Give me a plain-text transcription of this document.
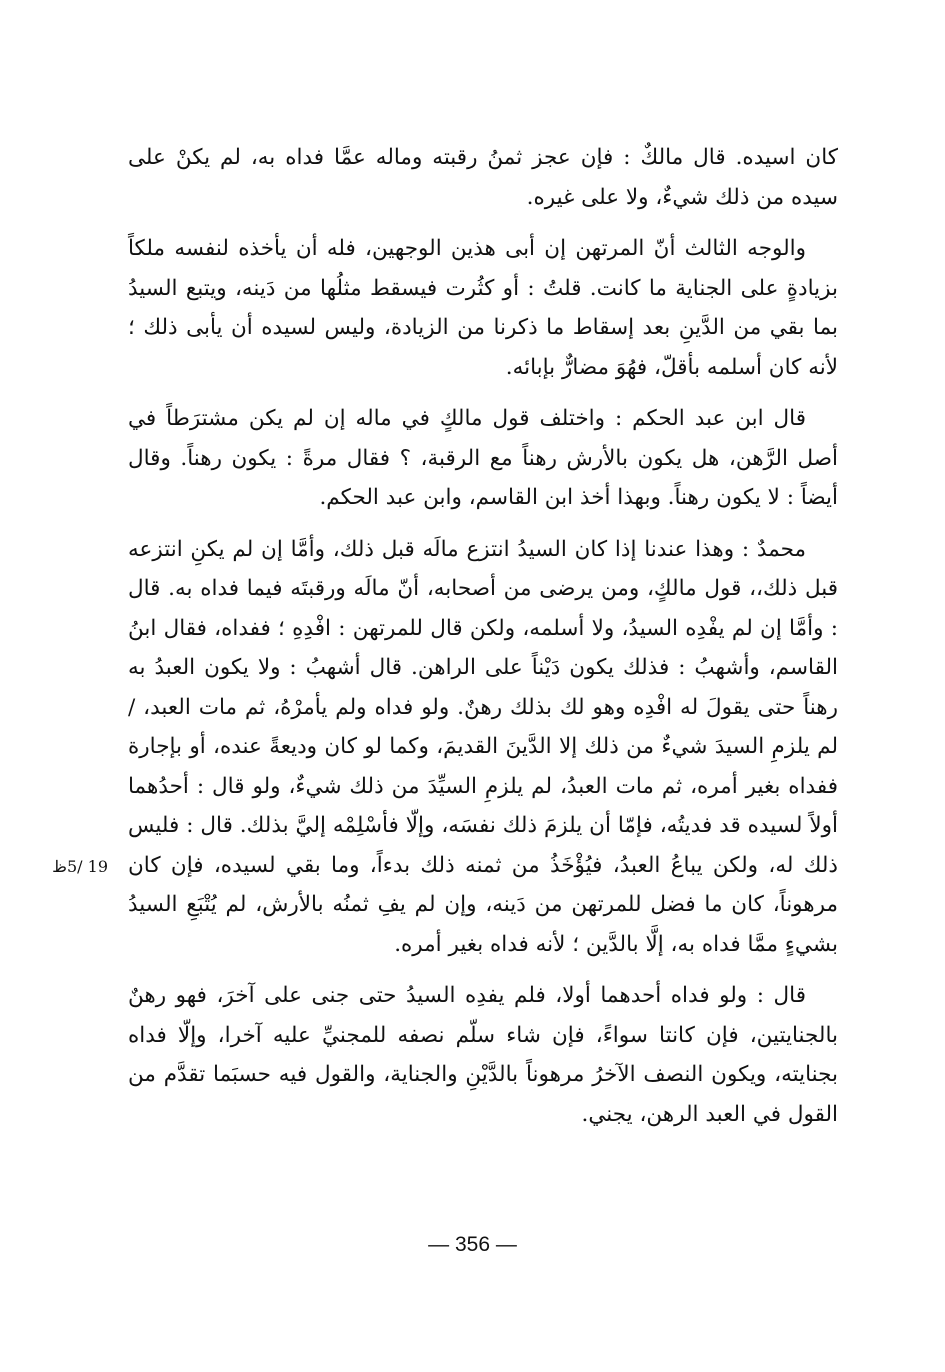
كان اسيده. قال مالكٌ : فإن عجز ثمنُ رقبته وماله عمَّا فداه به، لم يكنْ على سيده من ذلك شيءٌ، ولا على غيره.

والوجه الثالث أنّ المرتهن إن أبى هذين الوجهين، فله أن يأخذه لنفسه ملكاً بزيادةٍ على الجناية ما كانت. قلتُ : أو كثُرت فيسقط مثلُها من دَينه، ويتبع السيدُ بما بقي من الدَّينِ بعد إسقاط ما ذكرنا من الزيادة، وليس لسيده أن يأبى ذلك ؛ لأنه كان أسلمه بأقلّ، فهُوَ مضارٌّ بإبائه.

قال ابن عبد الحكم : واختلف قول مالكٍ في ماله إن لم يكن مشترَطاً في أصل الرَّهن، هل يكون بالأرش رهناً مع الرقبة، ؟ فقال مرةً : يكون رهناً. وقال أيضاً : لا يكون رهناً. وبهذا أخذ ابن القاسم، وابن عبد الحكم.

محمدٌ : وهذا عندنا إذا كان السيدُ انتزع مالَه قبل ذلك، وأمَّا إن لم يكنِ انتزعه قبل ذلك،، قول مالكٍ، ومن يرضى من أصحابه، أنّ مالَه ورقبتَه فيما فداه به. قال : وأمَّا إن لم يفْدِه السيدُ، ولا أسلمه، ولكن قال للمرتهن : افْدِهِ ؛ ففداه، فقال ابنُ القاسم، وأشهبُ : فذلك يكون دَيْناً على الراهن. قال أشهبُ : ولا يكون العبدُ به رهناً حتى يقولَ له افْدِه وهو لك بذلك رهنٌ. ولو فداه ولم يأمرْهُ، ثم مات العبد، / لم يلزمِ السيدَ شيءٌ من ذلك إلا الدَّينَ القديمَ، وكما لو كان وديعةً عنده، أو بإجارة ففداه بغير أمره، ثم مات العبدُ، لم يلزمِ السيِّدَ من ذلك شيءٌ، ولو قال : أحدُهما أولاً لسيده قد فديتُه، فإمّا أن يلزمَ ذلك نفسَه، وإلّا فأسْلِمْه إليَّ بذلك. قال : فليس ذلك له، ولكن يباعُ العبدُ، فيُؤْخَذُ من ثمنه ذلك بدءاً، وما بقي لسيده، فإن كان مرهوناً، كان ما فضل للمرتهن من دَينه، وإن لم يفِ ثمنُه بالأرش، لم يُتْبَعِ السيدُ بشيءٍ ممَّا فداه به، إلَّا بالدَّين ؛ لأنه فداه بغير أمره.

قال : ولو فداه أحدهما أولا، فلم يفدِه السيدُ حتى جنى على آخرَ، فهو رهنٌ بالجنايتين، فإن كانتا سواءً، فإن شاء سلّم نصفه للمجنيِّ عليه آخرا، وإلّا فداه بجنايته، ويكون النصف الآخرُ مرهوناً بالدَّيْنِ والجناية، والقول فيه حسبَما تقدَّم من القول في العبد الرهن، يجني.

19 /5ظ
— 356 —
